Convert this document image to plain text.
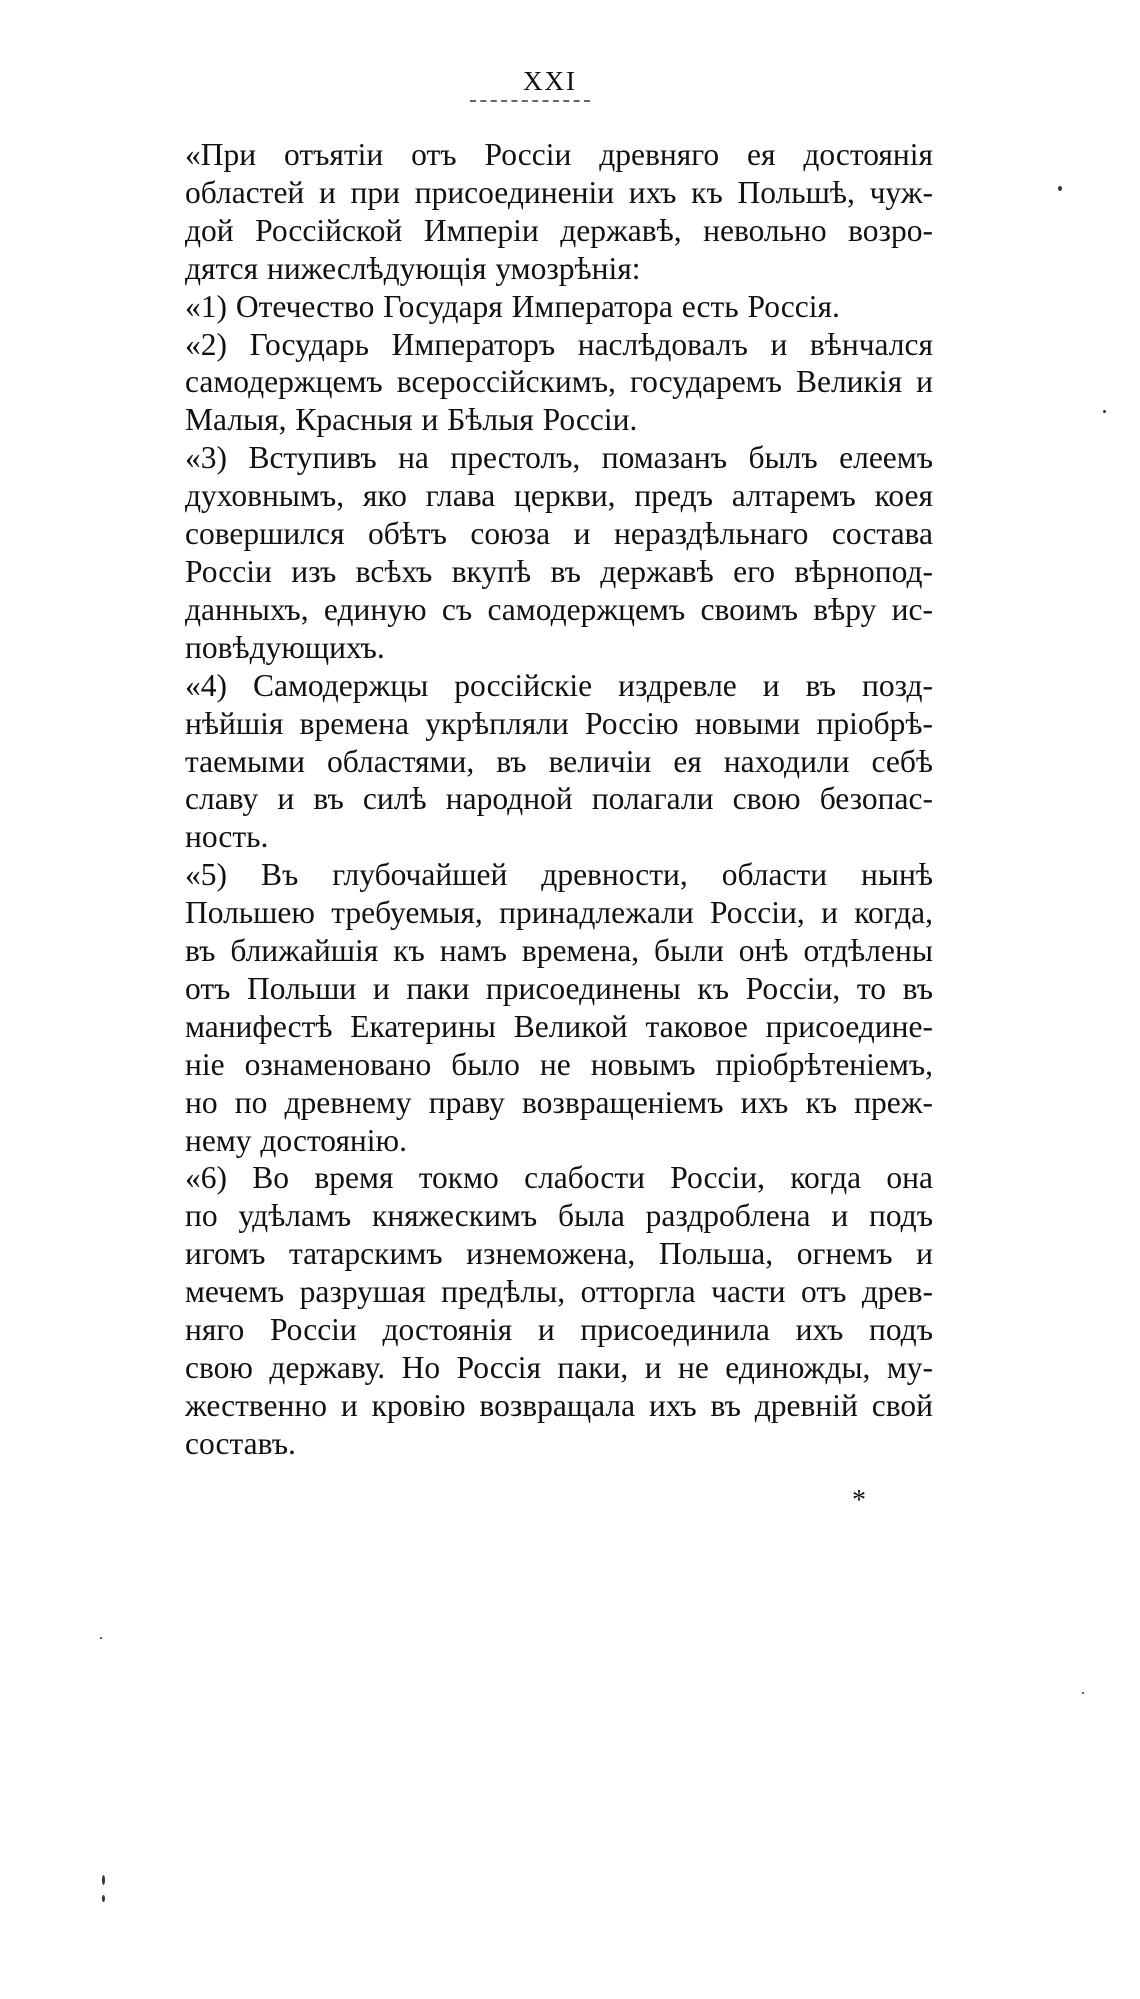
XXI

«При отъятіи отъ Россіи древняго ея достоянія
областей и при присоединеніи ихъ къ Польшѣ, чуж-
дой Россійской Имперіи державѣ, невольно возро-
дятся нижеслѣдующія умозрѣнія:

«1) Отечество Государя Императора есть Россія.

«2) Государь Императоръ наслѣдовалъ и вѣнчался
самодержцемъ всероссійскимъ, государемъ Великія и
Малыя, Красныя и Бѣлыя Россіи.

«3) Вступивъ на престолъ, помазанъ былъ елеемъ
духовнымъ, яко глава церкви, предъ алтаремъ коея
совершился обѣтъ союза и нераздѣльнаго состава
Россіи изъ всѣхъ вкупѣ въ державѣ его вѣрнопод-
данныхъ, единую съ самодержцемъ своимъ вѣру ис-
повѣдующихъ.

«4) Самодержцы россійскіе издревле и въ позд-
нѣйшія времена укрѣпляли Россію новыми пріобрѣ-
таемыми областями, въ величіи ея находили себѣ
славу и въ силѣ народной полагали свою безопас-
ность.

«5) Въ глубочайшей древности, области нынѣ
Польшею требуемыя, принадлежали Россіи, и когда,
въ ближайшія къ намъ времена, были онѣ отдѣлены
отъ Польши и паки присоединены къ Россіи, то въ
манифестѣ Екатерины Великой таковое присоедине-
ніе ознаменовано было не новымъ пріобрѣтеніемъ,
но по древнему праву возвращеніемъ ихъ къ преж-
нему достоянію.

«6) Во время токмо слабости Россіи, когда она
по удѣламъ княжескимъ была раздроблена и подъ
игомъ татарскимъ изнеможена, Польша, огнемъ и
мечемъ разрушая предѣлы, отторгла части отъ древ-
няго Россіи достоянія и присоединила ихъ подъ
свою державу. Но Россія паки, и не единожды, му-
жественно и кровію возвращала ихъ въ древній свой
составъ.

*
